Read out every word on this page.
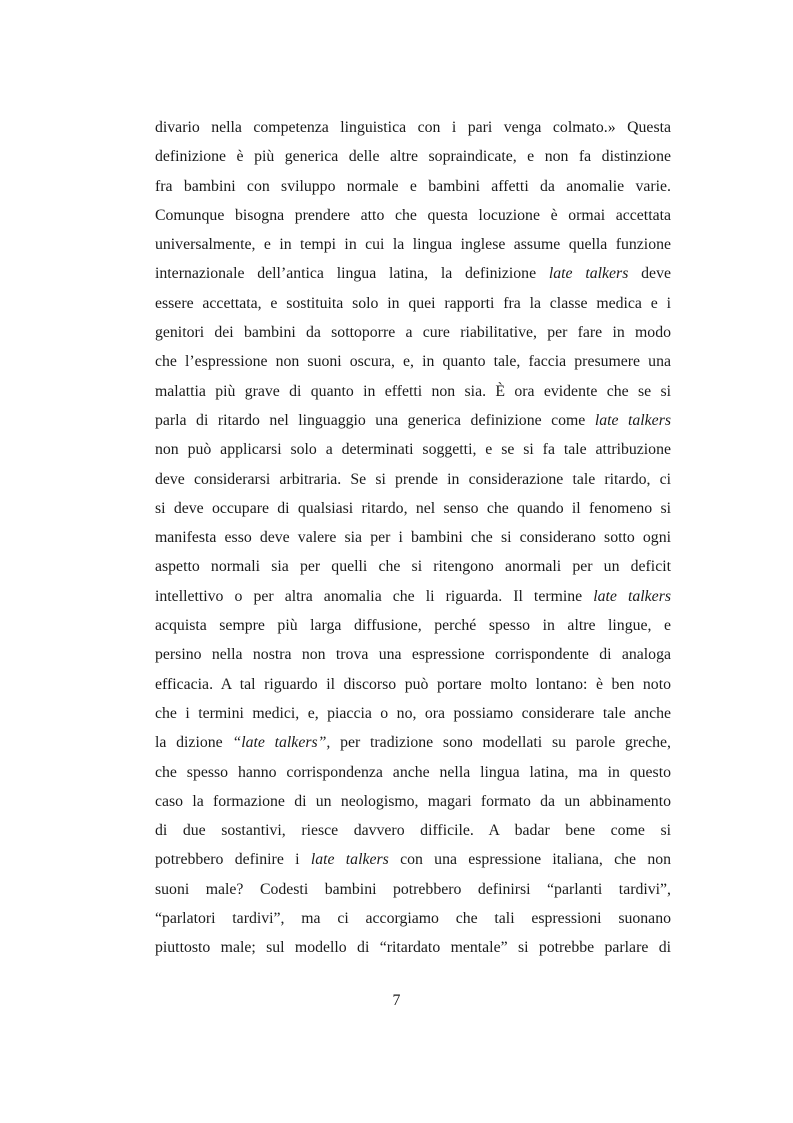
divario nella competenza linguistica con i pari venga colmato.» Questa
definizione è più generica delle altre sopraindicate, e non fa distinzione
fra bambini con sviluppo normale e bambini affetti da anomalie varie.
Comunque bisogna prendere atto che questa locuzione è ormai accettata
universalmente, e in tempi in cui la lingua inglese assume quella funzione
internazionale dell’antica lingua latina, la definizione late talkers deve
essere accettata, e sostituita solo in quei rapporti fra la classe medica e i
genitori dei bambini da sottoporre a cure riabilitative, per fare in modo
che l’espressione non suoni oscura, e, in quanto tale, faccia presumere una
malattia più grave di quanto in effetti non sia. È ora evidente che se si
parla di ritardo nel linguaggio una generica definizione come late talkers
non può applicarsi solo a determinati soggetti, e se si fa tale attribuzione
deve considerarsi arbitraria. Se si prende in considerazione tale ritardo, ci
si deve occupare di qualsiasi ritardo, nel senso che quando il fenomeno si
manifesta esso deve valere sia per i bambini che si considerano sotto ogni
aspetto normali sia per quelli che si ritengono anormali per un deficit
intellettivo o per altra anomalia che li riguarda. Il termine late talkers
acquista sempre più larga diffusione, perché spesso in altre lingue, e
persino nella nostra non trova una espressione corrispondente di analoga
efficacia. A tal riguardo il discorso può portare molto lontano: è ben noto
che i termini medici, e, piaccia o no, ora possiamo considerare tale anche
la dizione “late talkers”, per tradizione sono modellati su parole greche,
che spesso hanno corrispondenza anche nella lingua latina, ma in questo
caso la formazione di un neologismo, magari formato da un abbinamento
di due sostantivi, riesce davvero difficile. A badar bene come si
potrebbero definire i late talkers con una espressione italiana, che non
suoni male? Codesti bambini potrebbero definirsi “parlanti tardivi”,
“parlatori tardivi”, ma ci accorgiamo che tali espressioni suonano
piuttosto male; sul modello di “ritardato mentale” si potrebbe parlare di
7
